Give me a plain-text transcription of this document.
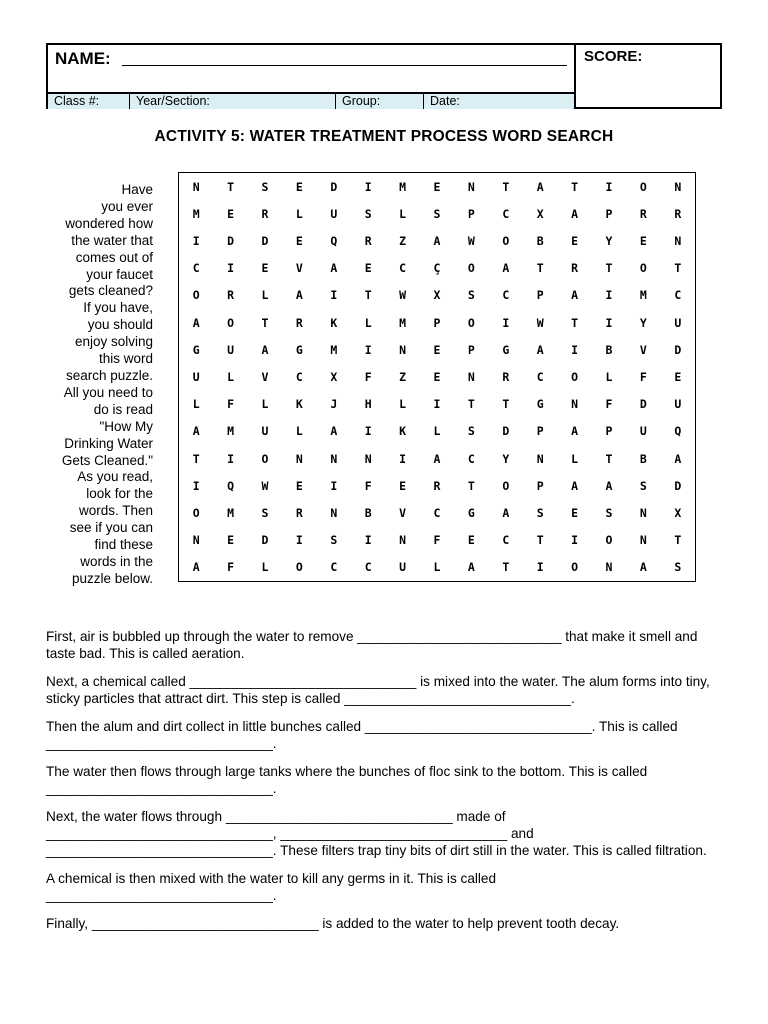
NAME:	SCORE:
Class #:	Year/Section:	Group:	Date:
ACTIVITY 5: WATER TREATMENT PROCESS WORD SEARCH
Have
you ever
wondered how
the water that
comes out of
your faucet
gets cleaned?
If you have,
you should
enjoy solving
this word
search puzzle.
All you need to
do is read
"How My
Drinking Water
Gets Cleaned."
As you read,
look for the
words. Then
see if you can
find these
words in the
puzzle below.

N	T	S	E	D	I	M	E	N	T	A	T	I	O	N
M	E	R	L	U	S	L	S	P	C	X	A	P	R	R
I	D	D	E	Q	R	Z	A	W	O	B	E	Y	E	N
C	I	E	V	A	E	C	Ç	O	A	T	R	T	O	T
O	R	L	A	I	T	W	X	S	C	P	A	I	M	C
A	O	T	R	K	L	M	P	O	I	W	T	I	Y	U
G	U	A	G	M	I	N	E	P	G	A	I	B	V	D
U	L	V	C	X	F	Z	E	N	R	C	O	L	F	E
L	F	L	K	J	H	L	I	T	T	G	N	F	D	U
A	M	U	L	A	I	K	L	S	D	P	A	P	U	Q
T	I	O	N	N	N	I	A	C	Y	N	L	T	B	A
I	Q	W	E	I	F	E	R	T	O	P	A	A	S	D
O	M	S	R	N	B	V	C	G	A	S	E	S	N	X
N	E	D	I	S	I	N	F	E	C	T	I	O	N	T
A	F	L	O	C	C	U	L	A	T	I	O	N	A	S

First, air is bubbled up through the water to remove ___________________________ that make it smell and taste bad. This is called aeration.

Next, a chemical called ______________________________ is mixed into the water. The alum forms into tiny, sticky particles that attract dirt. This step is called ______________________________.

Then the alum and dirt collect in little bunches called ______________________________. This is called ______________________________.

The water then flows through large tanks where the bunches of floc sink to the bottom. This is called ______________________________.

Next, the water flows through ______________________________ made of ______________________________, ______________________________ and ______________________________. These filters trap tiny bits of dirt still in the water. This is called filtration.

A chemical is then mixed with the water to kill any germs in it. This is called ______________________________.

Finally, ______________________________ is added to the water to help prevent tooth decay.
